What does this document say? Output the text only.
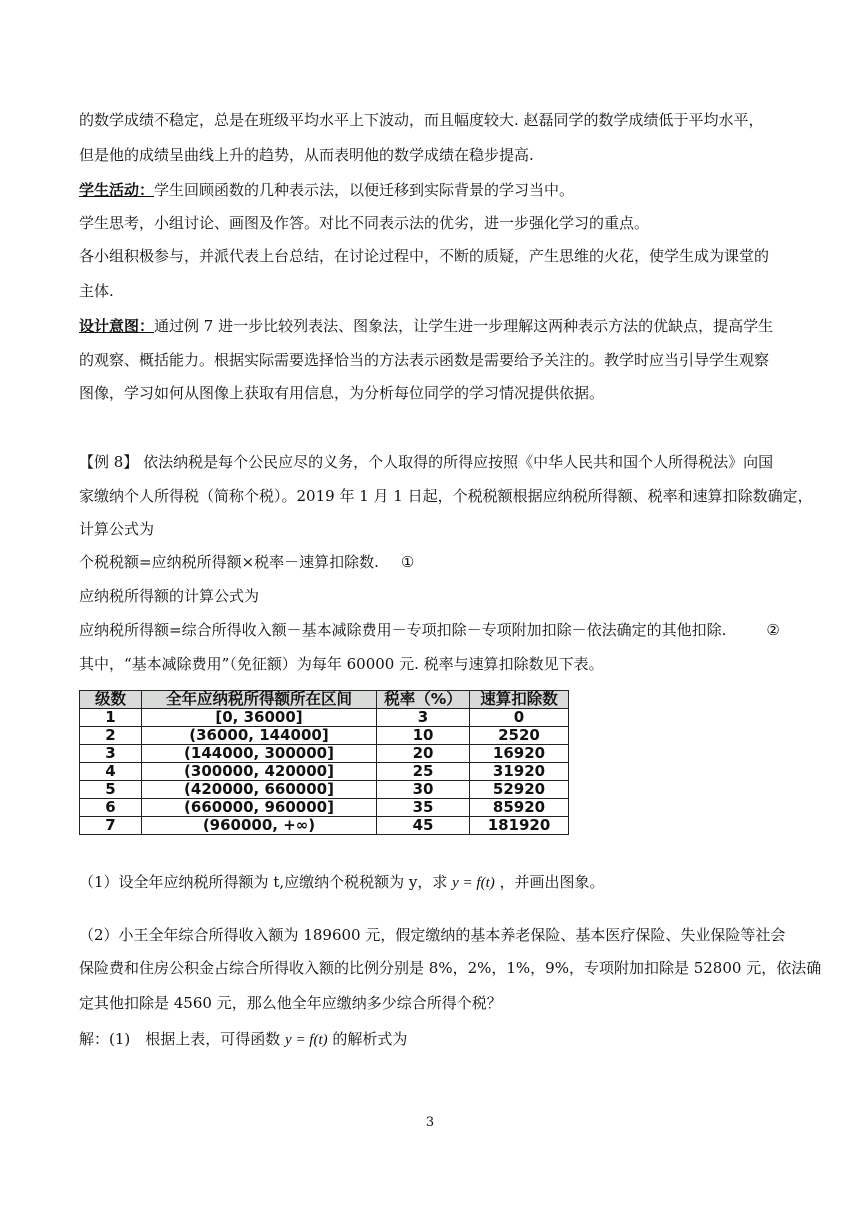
的数学成绩不稳定，总是在班级平均水平上下波动，而且幅度较大. 赵磊同学的数学成绩低于平均水平，
但是他的成绩呈曲线上升的趋势，从而表明他的数学成绩在稳步提高.
学生活动：学生回顾函数的几种表示法，以便迁移到实际背景的学习当中。
学生思考，小组讨论、画图及作答。对比不同表示法的优劣，进一步强化学习的重点。
各小组积极参与，并派代表上台总结，在讨论过程中，不断的质疑，产生思维的火花，使学生成为课堂的
主体.
设计意图：通过例 7 进一步比较列表法、图象法，让学生进一步理解这两种表示方法的优缺点，提高学生
的观察、概括能力。根据实际需要选择恰当的方法表示函数是需要给予关注的。教学时应当引导学生观察
图像，学习如何从图像上获取有用信息，为分析每位同学的学习情况提供依据。
【例 8】 依法纳税是每个公民应尽的义务，个人取得的所得应按照《中华人民共和国个人所得税法》向国
家缴纳个人所得税（简称个税）。2019 年 1 月 1 日起，个税税额根据应纳税所得额、税率和速算扣除数确定，
计算公式为
个税税额=应纳税所得额×税率－速算扣除数. ①
应纳税所得额的计算公式为
应纳税所得额=综合所得收入额－基本减除费用－专项扣除－专项附加扣除－依法确定的其他扣除.	②
其中，“基本减除费用”（免征额）为每年 60000 元. 税率与速算扣除数见下表。
级数	全年应纳税所得额所在区间	税率（%）	速算扣除数
1	[0, 36000]	3	0
2	(36000, 144000]	10	2520
3	(144000, 300000]	20	16920
4	(300000, 420000]	25	31920
5	(420000, 660000]	30	52920
6	(660000, 960000]	35	85920
7	(960000, +∞)	45	181920
（1）设全年应纳税所得额为 t,应缴纳个税税额为 y，求 y = f(t) ，并画出图象。
（2）小王全年综合所得收入额为 189600 元，假定缴纳的基本养老保险、基本医疗保险、失业保险等社会
保险费和住房公积金占综合所得收入额的比例分别是 8%，2%，1%，9%，专项附加扣除是 52800 元，依法确
定其他扣除是 4560 元，那么他全年应缴纳多少综合所得个税？
解：(1)　根据上表，可得函数 y = f(t) 的解析式为
3
